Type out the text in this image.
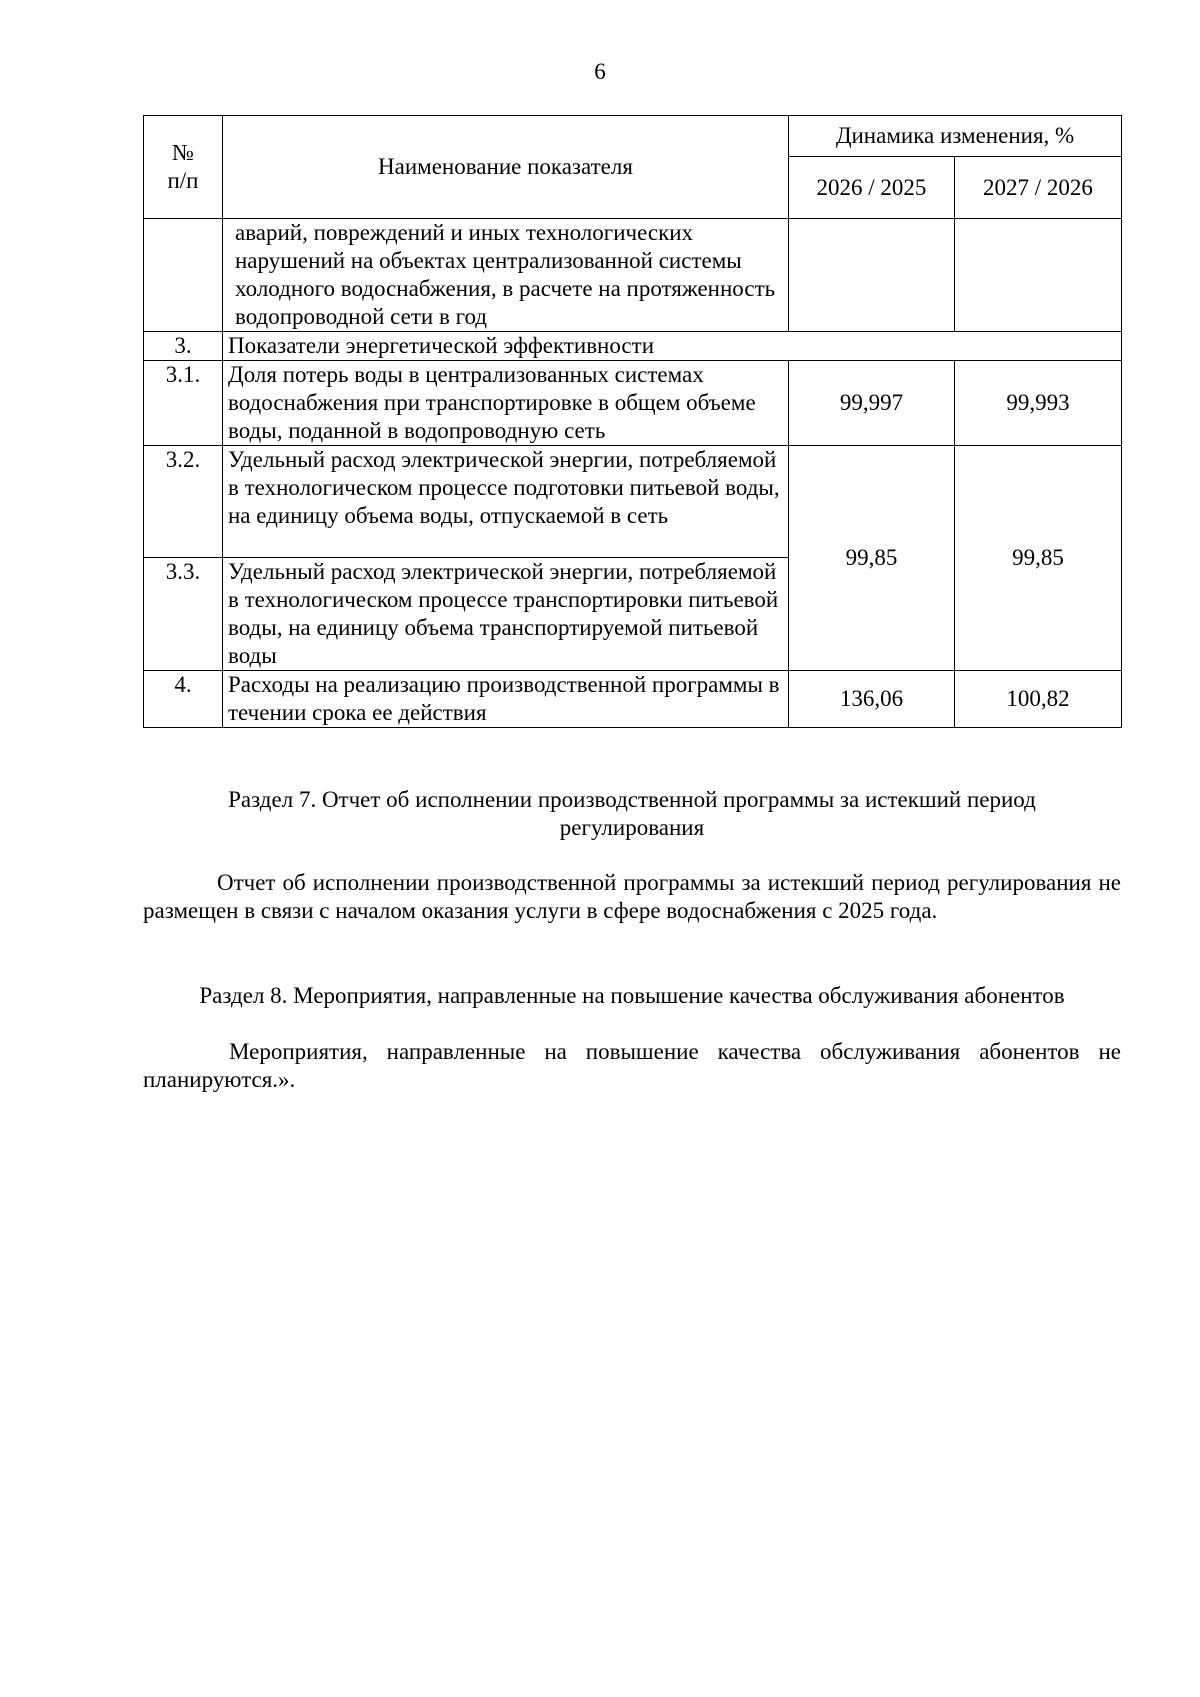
6
№
п/п	Наименование показателя	Динамика изменения, %	
		2026 / 2025	2027 / 2026
	аварий, повреждений и иных технологических нарушений на объектах централизованной системы холодного водоснабжения, в расчете на протяженность водопроводной сети в год		
3.	Показатели энергетической эффективности		
3.1.	Доля потерь воды в централизованных системах водоснабжения при транспортировке в общем объеме воды, поданной в водопроводную сеть	99,997	99,993
3.2.	Удельный расход электрической энергии, потребляемой в технологическом процессе подготовки питьевой воды, на единицу объема воды, отпускаемой в сеть	99,85	99,85
3.3.	Удельный расход электрической энергии, потребляемой в технологическом процессе транспортировки питьевой воды, на единицу объема транспортируемой питьевой воды		
4.	Расходы на реализацию производственной программы в течении срока ее действия	136,06	100,82
Раздел 7. Отчет об исполнении производственной программы за истекший период регулирования
Отчет об исполнении производственной программы за истекший период регулирования не размещен в связи с началом оказания услуги в сфере водоснабжения с 2025 года.
Раздел 8. Мероприятия, направленные на повышение качества обслуживания абонентов
Мероприятия, направленные на повышение качества обслуживания абонентов не планируются.».
